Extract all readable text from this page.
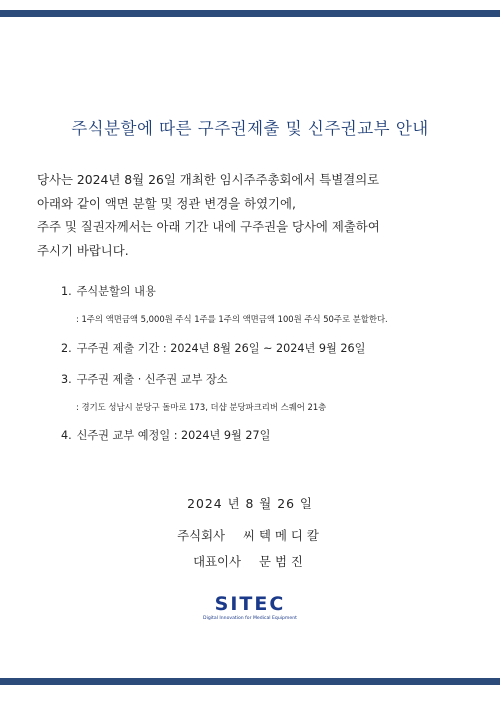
주식분할에 따른 구주권제출 및 신주권교부 안내
당사는 2024년 8월 26일 개최한 임시주주총회에서 특별결의로
아래와 같이 액면 분할 및 정관 변경을 하였기에,
주주 및 질권자께서는 아래 기간 내에 구주권을 당사에 제출하여
주시기 바랍니다.
1. 주식분할의 내용
: 1주의 액면금액 5,000원 주식 1주를 1주의 액면금액 100원 주식 50주로 분할한다.
2. 구주권 제출 기간 : 2024년 8월 26일 ~ 2024년 9월 26일
3. 구주권 제출 · 신주권 교부 장소
: 경기도 성남시 분당구 돌마로 173, 더샵 분당파크리버 스퀘어 21층
4. 신주권 교부 예정일 : 2024년 9월 27일
2024 년 8 월 26 일
주식회사 씨텍메디칼
대표이사 문범진
SITEC
Digital Innovation for Medical Equipment
